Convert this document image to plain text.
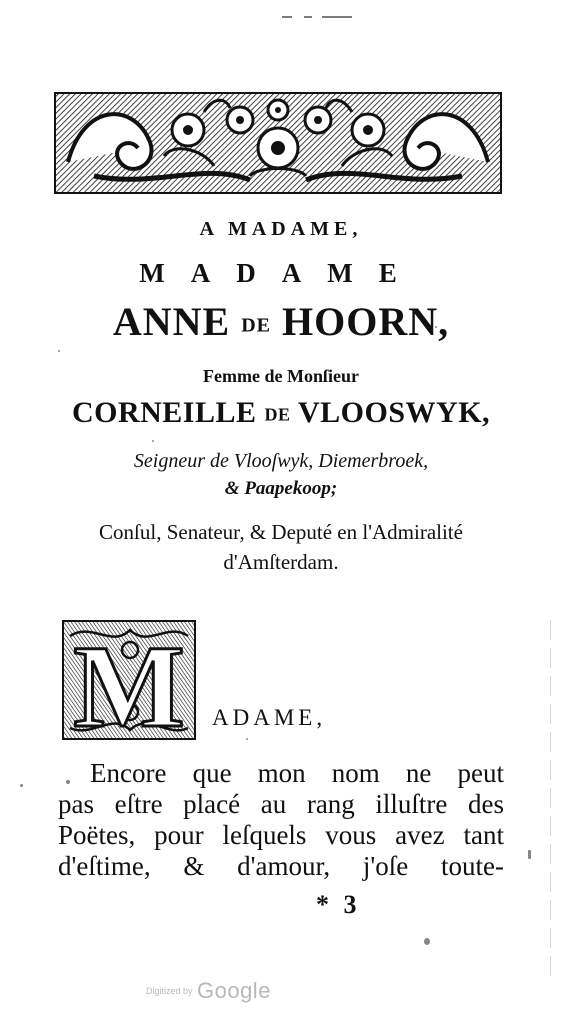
A MADAME,
MADAME
ANNE DE HOORN,
Femme de Monſieur
CORNEILLE DE VLOOSWYK,
Seigneur de Vlooſwyk, Diemerbroek,
& Paapekoop;
Conſul, Senateur, & Deputé en l'Admiralité
d'Amſterdam.
M ADAME,
Encore que mon nom ne peut
pas eſtre placé au rang illuſtre des
Poëtes, pour leſquels vous avez tant
d'eſtime, & d'amour, j'oſe toute-
* 3
Digitized by Google
